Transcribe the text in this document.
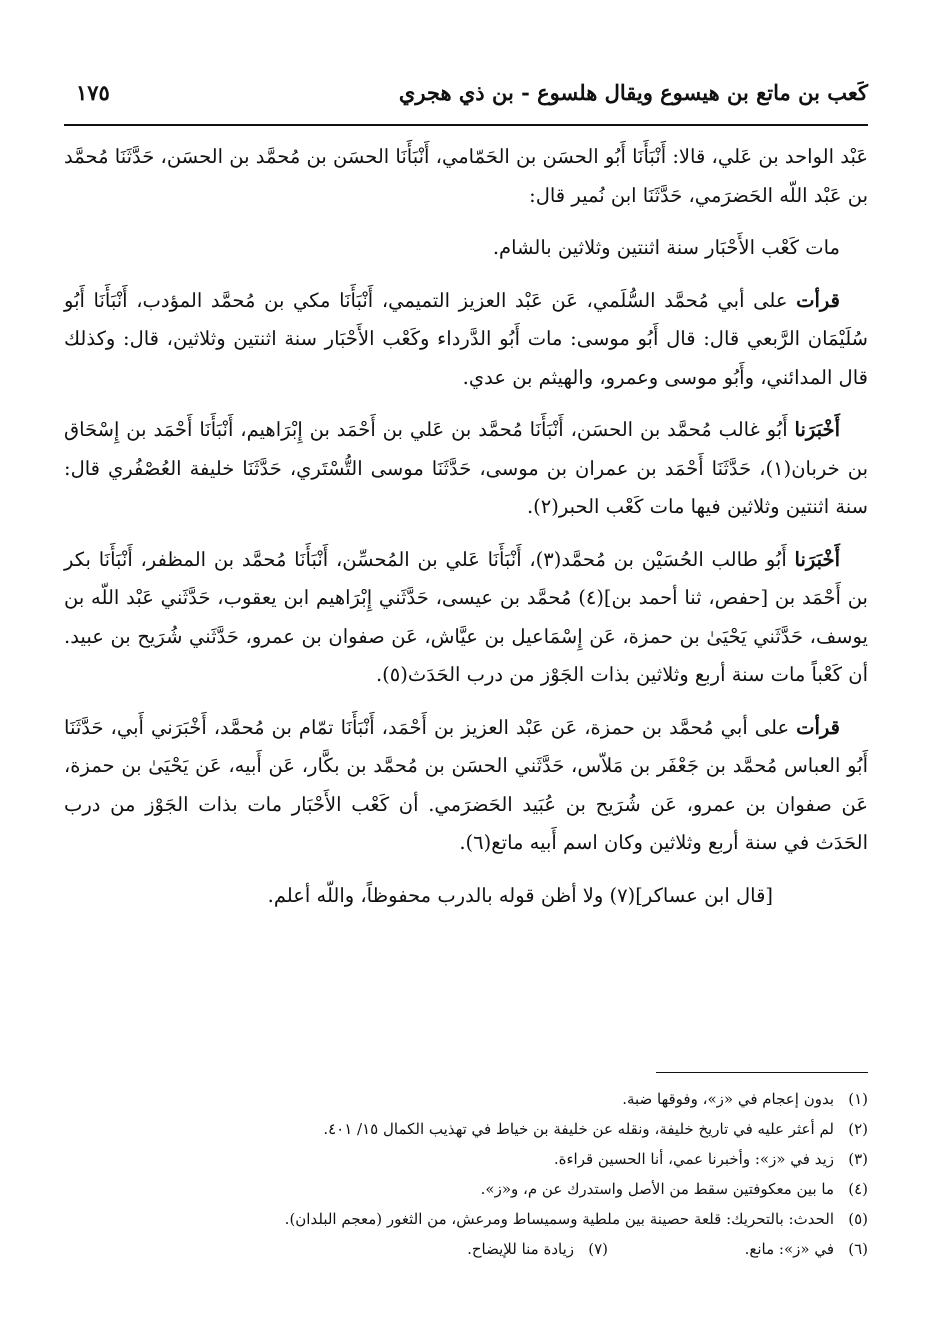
كَعب بن ماتع بن هيسوع ويقال هلسوع - بن ذي هجري
١٧٥

عَبْد الواحد بن عَلي، قالا: أَنْبَأَنَا أَبُو الحسَن بن الحَمّامي، أَنْبَأَنَا الحسَن بن مُحمَّد بن الحسَن، حَدَّثَنَا مُحمَّد بن عَبْد اللّه الحَضرَمي، حَدَّثَنَا ابن نُمير قال:

مات كَعْب الأَحْبَار سنة اثنتين وثلاثين بالشام.

قرأت على أبي مُحمَّد السُّلَمي، عَن عَبْد العزيز التميمي، أَنْبَأَنَا مكي بن مُحمَّد المؤدب، أَنْبَأَنَا أَبُو سُلَيْمَان الرَّبعي قال: قال أَبُو موسى: مات أَبُو الدَّرداء وكَعْب الأَحْبَار سنة اثنتين وثلاثين، قال: وكذلك قال المدائني، وأَبُو موسى وعمرو، والهيثم بن عدي.

أَخْبَرَنا أَبُو غالب مُحمَّد بن الحسَن، أَنْبَأَنَا مُحمَّد بن عَلي بن أَحْمَد بن إِبْرَاهيم، أَنْبَأَنَا أَحْمَد بن إِسْحَاق بن خربان(١)، حَدَّثَنَا أَحْمَد بن عمران بن موسى، حَدَّثَنَا موسى التُّسْتَري، حَدَّثَنَا خليفة العُصْفُري قال: سنة اثنتين وثلاثين فيها مات كَعْب الحبر(٢).

أَخْبَرَنا أَبُو طالب الحُسَيْن بن مُحمَّد(٣)، أَنْبَأَنَا عَلي بن المُحسِّن، أَنْبَأَنَا مُحمَّد بن المظفر، أَنْبَأَنَا بكر بن أَحْمَد بن [حفص، ثنا أحمد بن](٤) مُحمَّد بن عيسى، حَدَّثَني إِبْرَاهيم ابن يعقوب، حَدَّثَني عَبْد اللّه بن يوسف، حَدَّثَني يَحْيَىٰ بن حمزة، عَن إِسْمَاعيل بن عيَّاش، عَن صفوان بن عمرو، حَدَّثَني شُرَيح بن عبيد. أن كَعْباً مات سنة أربع وثلاثين بذات الجَوْز من درب الحَدَث(٥).

قرأت على أبي مُحمَّد بن حمزة، عَن عَبْد العزيز بن أَحْمَد، أَنْبَأَنَا تمّام بن مُحمَّد، أَخْبَرَني أَبي، حَدَّثَنَا أَبُو العباس مُحمَّد بن جَعْفَر بن مَلاّس، حَدَّثَني الحسَن بن مُحمَّد بن بكَّار، عَن أَبيه، عَن يَحْيَىٰ بن حمزة، عَن صفوان بن عمرو، عَن شُرَيح بن عُبَيد الحَضرَمي. أن كَعْب الأَحْبَار مات بذات الجَوْز من درب الحَدَث في سنة أربع وثلاثين وكان اسم أَبيه ماتع(٦).

[قال ابن عساكر](٧) ولا أظن قوله بالدرب محفوظاً، واللّه أعلم.

(١)بدون إعجام في «ز»، وفوقها ضبة.
(٢)لم أعثر عليه في تاريخ خليفة، ونقله عن خليفة بن خياط في تهذيب الكمال ١٥/ ٤٠١.
(٣)زيد في «ز»: وأخبرنا عمي، أنا الحسين قراءة.
(٤)ما بين معكوفتين سقط من الأصل واستدرك عن م، و«ز».
(٥)الحدث: بالتحريك: قلعة حصينة بين ملطية وسميساط ومرعش، من الثغور (معجم البلدان).
(٦)في «ز»: مانع.
(٧)زيادة منا للإيضاح.
